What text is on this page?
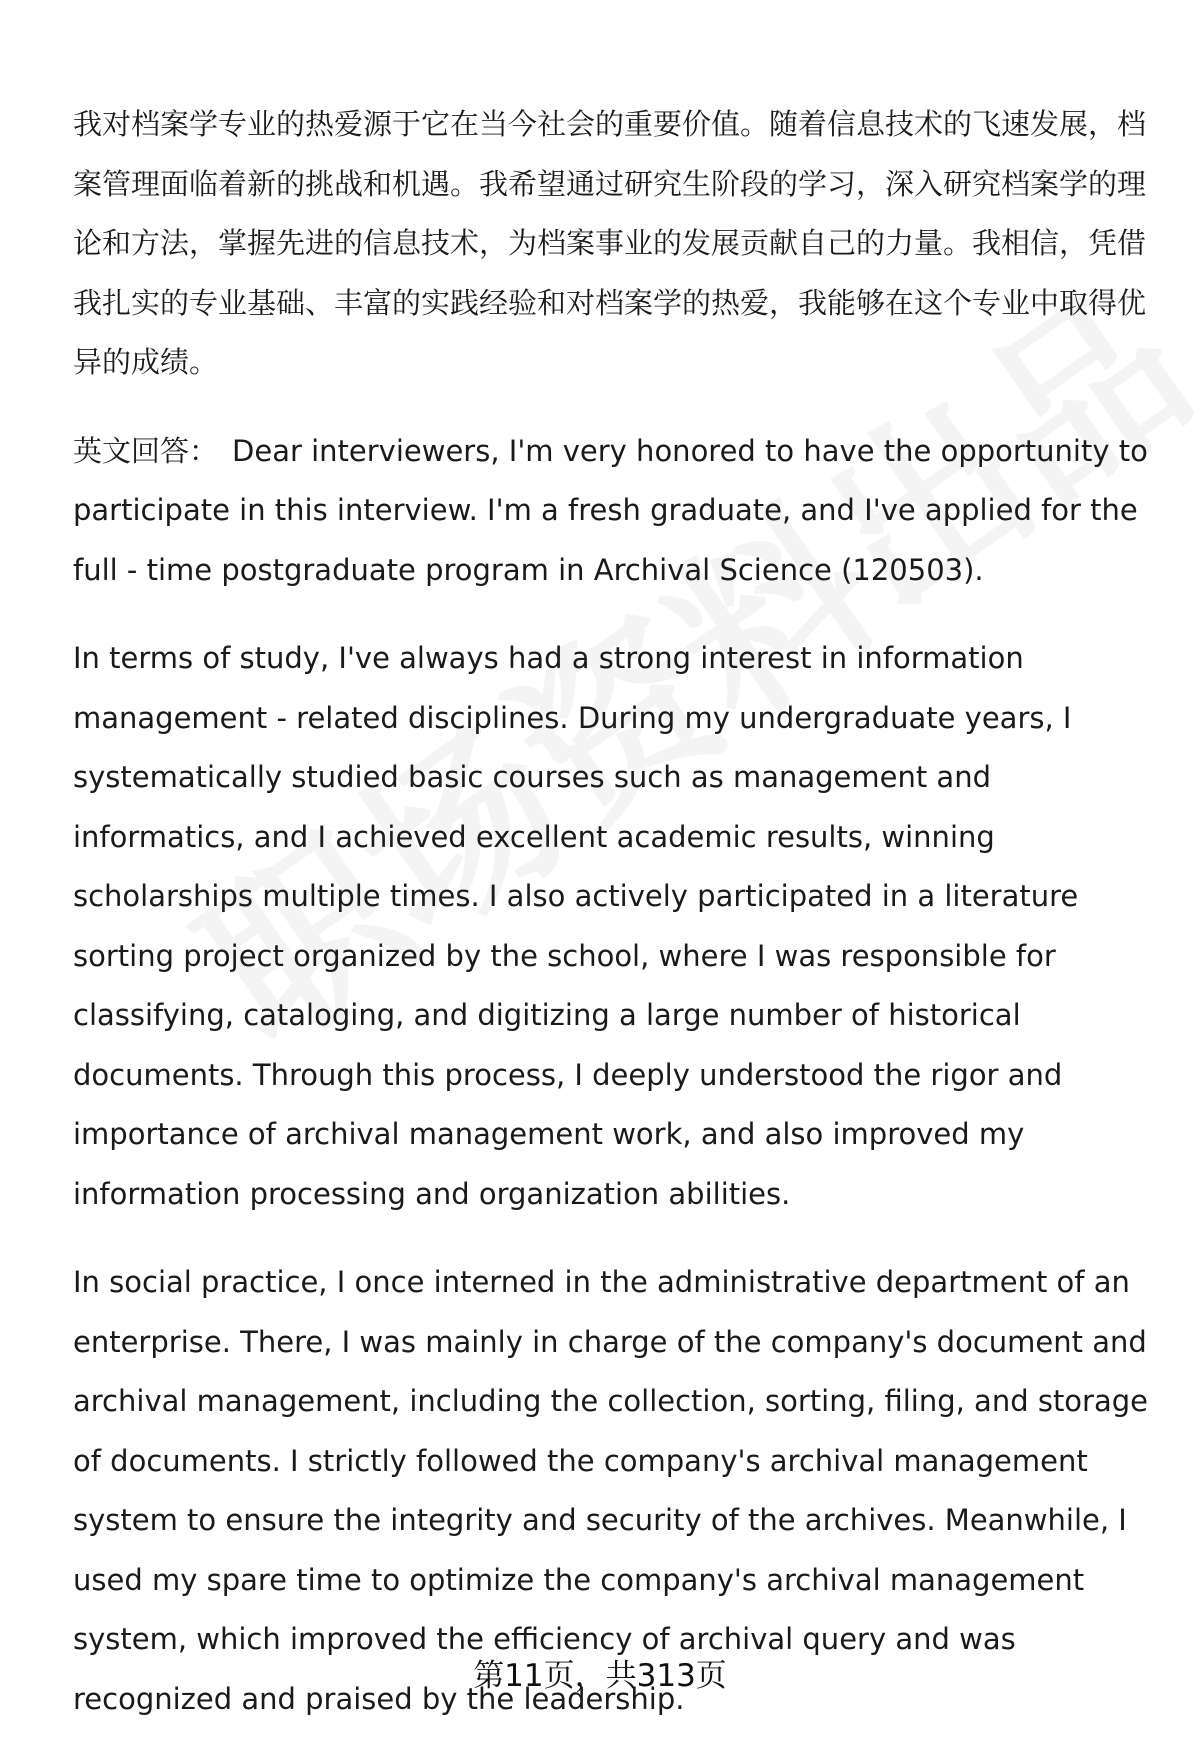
我对档案学专业的热爱源于它在当今社会的重要价值。随着信息技术的飞速发展，档案管理面临着新的挑战和机遇。我希望通过研究生阶段的学习，深入研究档案学的理论和方法，掌握先进的信息技术，为档案事业的发展贡献自己的力量。我相信，凭借我扎实的专业基础、丰富的实践经验和对档案学的热爱，我能够在这个专业中取得优异的成绩。

英文回答： Dear interviewers, I'm very honored to have the opportunity to participate in this interview. I'm a fresh graduate, and I've applied for the full - time postgraduate program in Archival Science (120503).

In terms of study, I've always had a strong interest in information management - related disciplines. During my undergraduate years, I systematically studied basic courses such as management and informatics, and I achieved excellent academic results, winning scholarships multiple times. I also actively participated in a literature sorting project organized by the school, where I was responsible for classifying, cataloging, and digitizing a large number of historical documents. Through this process, I deeply understood the rigor and importance of archival management work, and also improved my information processing and organization abilities.

In social practice, I once interned in the administrative department of an enterprise. There, I was mainly in charge of the company's document and archival management, including the collection, sorting, filing, and storage of documents. I strictly followed the company's archival management system to ensure the integrity and security of the archives. Meanwhile, I used my spare time to optimize the company's archival management system, which improved the efficiency of archival query and was recognized and praised by the leadership.

第11页，共313页
